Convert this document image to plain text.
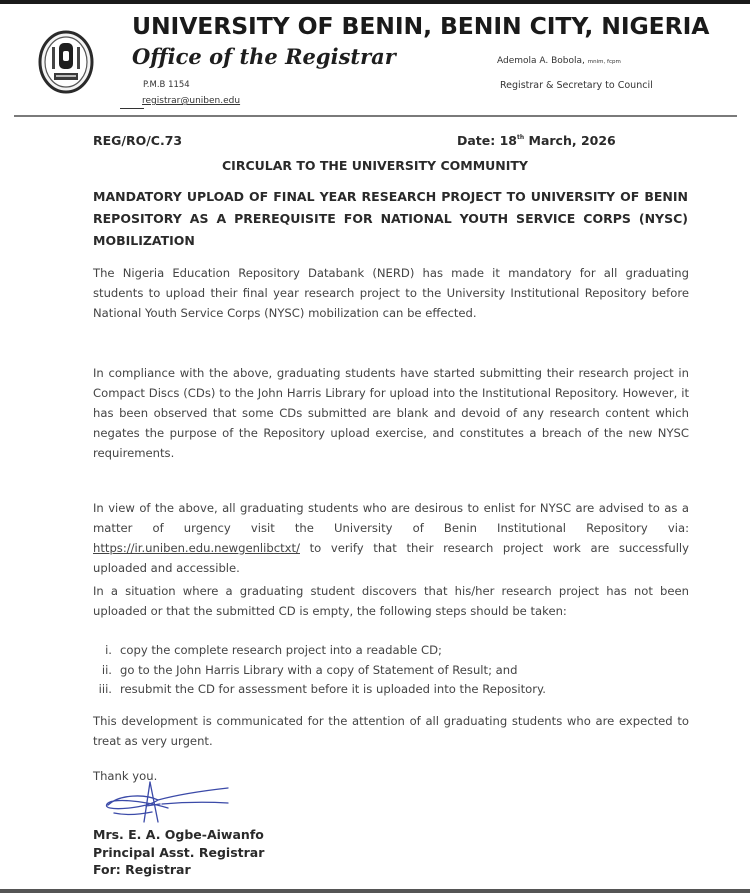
UNIVERSITY OF BENIN, BENIN CITY, NIGERIA
Office of the Registrar
P.M.B 1154
registrar@uniben.edu
Ademola A. Bobola, mnim, fcpm
Registrar & Secretary to Council
REG/RO/C.73	Date: 18th March, 2026
CIRCULAR TO THE UNIVERSITY COMMUNITY
MANDATORY UPLOAD OF FINAL YEAR RESEARCH PROJECT TO UNIVERSITY OF BENIN REPOSITORY AS A PREREQUISITE FOR NATIONAL YOUTH SERVICE CORPS (NYSC) MOBILIZATION

The Nigeria Education Repository Databank (NERD) has made it mandatory for all graduating students to upload their final year research project to the University Institutional Repository before National Youth Service Corps (NYSC) mobilization can be effected.

In compliance with the above, graduating students have started submitting their research project in Compact Discs (CDs) to the John Harris Library for upload into the Institutional Repository. However, it has been observed that some CDs submitted are blank and devoid of any research content which negates the purpose of the Repository upload exercise, and constitutes a breach of the new NYSC requirements.

In view of the above, all graduating students who are desirous to enlist for NYSC are advised to as a matter of urgency visit the University of Benin Institutional Repository via: https://ir.uniben.edu.newgenlibctxt/ to verify that their research project work are successfully uploaded and accessible.

In a situation where a graduating student discovers that his/her research project has not been uploaded or that the submitted CD is empty, the following steps should be taken:

i. copy the complete research project into a readable CD;
ii. go to the John Harris Library with a copy of Statement of Result; and
iii. resubmit the CD for assessment before it is uploaded into the Repository.

This development is communicated for the attention of all graduating students who are expected to treat as very urgent.

Thank you.
Mrs. E. A. Ogbe-Aiwanfo
Principal Asst. Registrar
For: Registrar
